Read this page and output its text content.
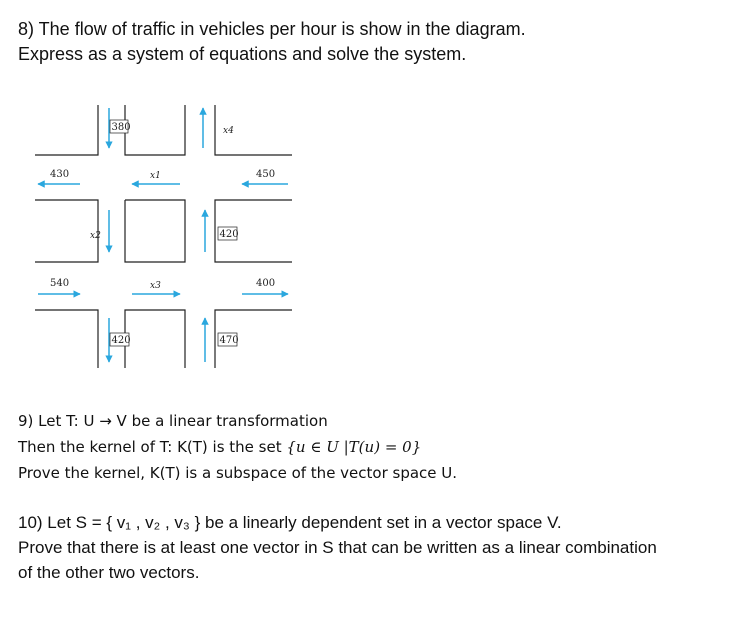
8) The flow of traffic in vehicles per hour is show in the diagram.
Express as a system of equations and solve the system.
380	x4
430	x1	450
x2	420
540	x3	400
420	470
9) Let T: U → V be a linear transformation
Then the kernel of T: K(T) is the set {u ∈ U |T(u) = 0}
Prove the kernel, K(T) is a subspace of the vector space U.
10) Let S = { v₁ , v₂ , v₃ } be a linearly dependent set in a vector space V.
Prove that there is at least one vector in S that can be written as a linear combination
of the other two vectors.
